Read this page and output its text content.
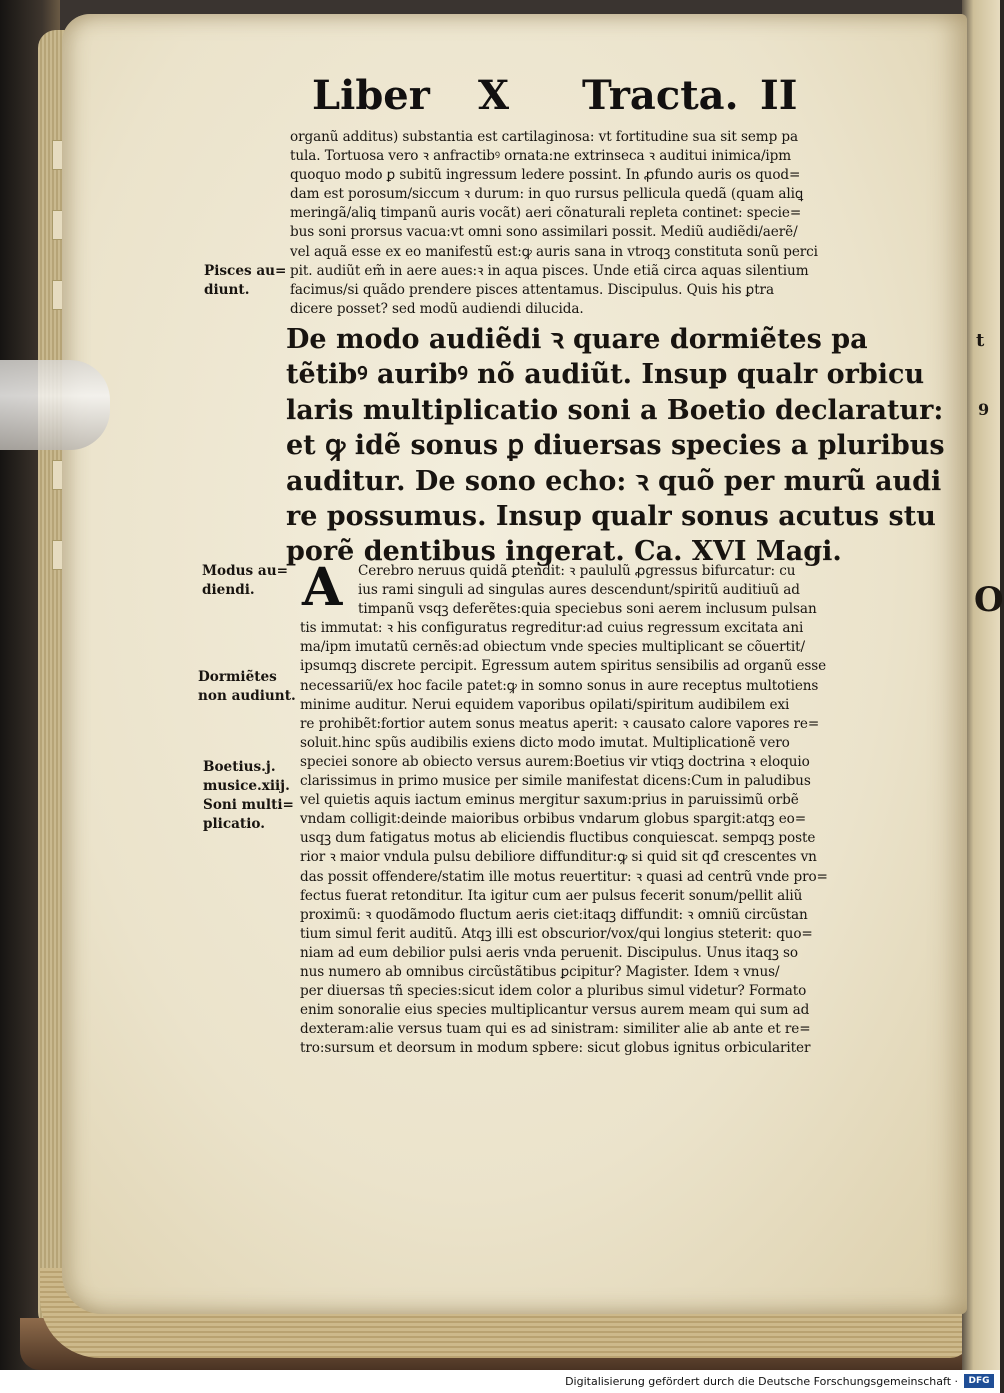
t
9
O
Liber X Tracta. II
organũ additus) substantia est cartilaginosa: vt fortitudine sua sit semp pa
tula. Tortuosa vero ꝛ anfractibꝰ ornata:ne extrinseca ꝛ auditui inimica/ipm
quoquo modo ꝑ subitũ ingressum ledere possint. In ꝓfundo auris os quod=
dam est porosum/siccum ꝛ durum: in quo rursus pellicula quedã (quam aliꝗ
meringã/aliꝗ timpanũ auris vocãt) aeri cõnaturali repleta continet: specie=
bus soni prorsus vacua:vt omni sono assimilari possit. Mediũ audiẽdi/aerẽ/
vel aquã esse ex eo manifestũ est:ꝙ auris sana in vtroqꝫ constituta sonũ perci
pit. audiũt em̃ in aere aues:ꝛ in aqua pisces. Unde etiã circa aquas silentium
facimus/si quãdo prendere pisces attentamus. Discipulus. Quis his ꝑtra
dicere posset? sed modũ audiendi dilucida.
De modo audiẽdi ꝛ quare dormiẽtes pa
tẽtibꝰ auribꝰ nõ audiũt. Insup qualr orbicu
laris multiplicatio soni a Boetio declaratur:
et ꝙ idẽ sonus ꝑ diuersas species a pluribus
auditur. De sono echo: ꝛ quõ per murũ audi
re possumus. Insup qualr sonus acutus stu
porẽ dentibus ingerat. Ca. XVI Magi.
A	Cerebro neruus quidã ꝑtendit: ꝛ paululũ ꝓgressus bifurcatur: cu
ius rami singuli ad singulas aures descendunt/spiritũ auditiuũ ad
timpanũ vsqꝫ deferẽtes:quia speciebus soni aerem inclusum pulsan
tis immutat: ꝛ his configuratus regreditur:ad cuius regressum excitata ani
ma/ipm imutatũ cernẽs:ad obiectum vnde species multiplicant se cõuertit/
ipsumqꝫ discrete percipit. Egressum autem spiritus sensibilis ad organũ esse
necessariũ/ex hoc facile patet:ꝙ in somno sonus in aure receptus multotiens
minime auditur. Nerui equidem vaporibus opilati/spiritum audibilem exi
re prohibẽt:fortior autem sonus meatus aperit: ꝛ causato calore vapores re=
soluit.hinc spũs audibilis exiens dicto modo imutat. Multiplicationẽ vero
speciei sonore ab obiecto versus aurem:Boetius vir vtiqꝫ doctrina ꝛ eloquio
clarissimus in primo musice per simile manifestat dicens:Cum in paludibus
vel quietis aquis iactum eminus mergitur saxum:prius in paruissimũ orbẽ
vndam colligit:deinde maioribus orbibus vndarum globus spargit:atqꝫ eo=
usqꝫ dum fatigatus motus ab eliciendis fluctibus conquiescat. sempqꝫ poste
rior ꝛ maior vndula pulsu debiliore diffunditur:ꝙ si quid sit qđ crescentes vn
das possit offendere/statim ille motus reuertitur: ꝛ quasi ad centrũ vnde pro=
fectus fuerat retonditur. Ita igitur cum aer pulsus fecerit sonum/pellit aliũ
proximũ: ꝛ quodãmodo fluctum aeris ciet:itaqꝫ diffundit: ꝛ omniũ circũstan
tium simul ferit auditũ. Atqꝫ illi est obscurior/vox/qui longius steterit: quo=
niam ad eum debilior pulsi aeris vnda peruenit. Discipulus. Unus itaqꝫ so
nus numero ab omnibus circũstãtibus ꝑcipitur? Magister. Idem ꝛ vnus/
per diuersas tñ species:sicut idem color a pluribus simul videtur? Formato
enim sonoralie eius species multiplicantur versus aurem meam qui sum ad
dexteram:alie versus tuam qui es ad sinistram: similiter alie ab ante et re=
tro:sursum et deorsum in modum spbere: sicut globus ignitus orbiculariter
Pisces au=
diunt.
Modus au=
diendi.
Dormiẽtes
non audiunt.
Boetius.j.
musice.xiij.
Soni multi=
plicatio.
Digitalisierung gefördert durch die Deutsche Forschungsgemeinschaft ·	DFG
